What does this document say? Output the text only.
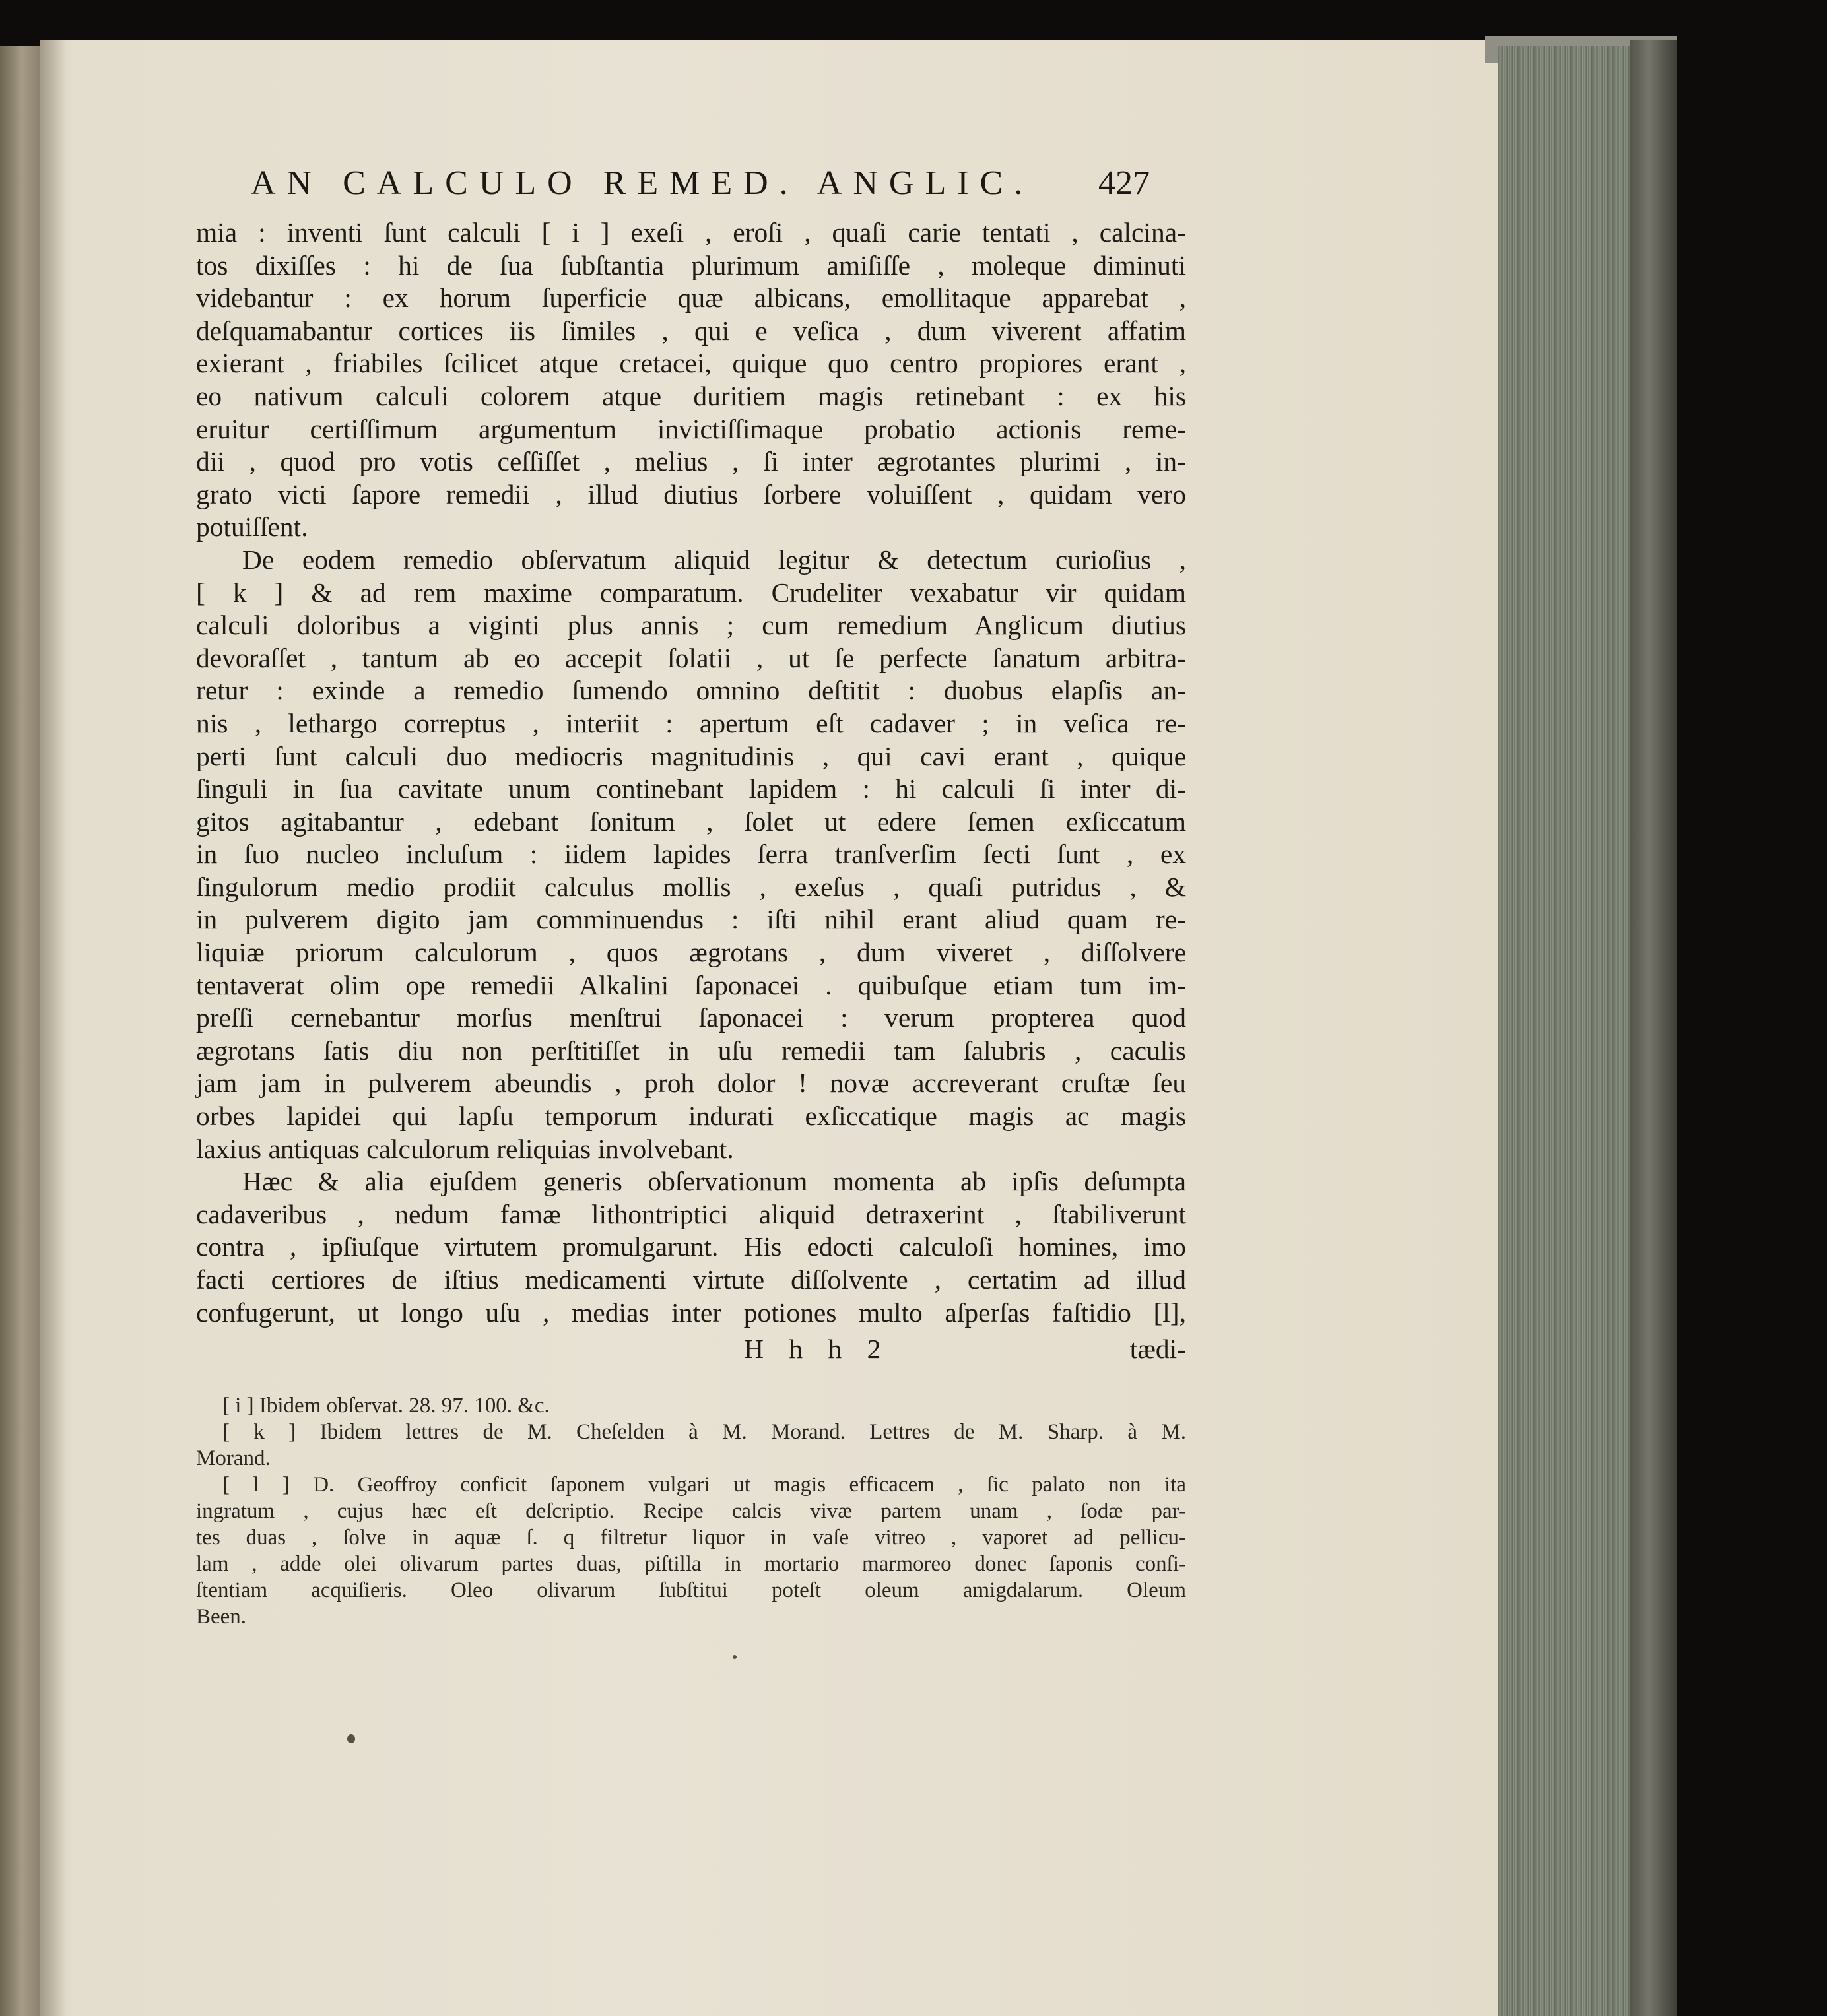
AN CALCULO REMED. ANGLIC.	427
mia : inventi ſunt calculi [ i ] exeſi , eroſi , quaſi carie tentati , calcina-
tos dixiſſes : hi de ſua ſubſtantia plurimum amiſiſſe , moleque diminuti
videbantur : ex horum ſuperficie quæ albicans, emollitaque apparebat ,
deſquamabantur cortices iis ſimiles , qui e veſica , dum viverent affatim
exierant , friabiles ſcilicet atque cretacei, quique quo centro propiores erant ,
eo nativum calculi colorem atque duritiem magis retinebant : ex his
eruitur certiſſimum argumentum invictiſſimaque probatio actionis reme-
dii , quod pro votis ceſſiſſet , melius , ſi inter ægrotantes plurimi , in-
grato victi ſapore remedii , illud diutius ſorbere voluiſſent , quidam vero
potuiſſent.
De eodem remedio obſervatum aliquid legitur & detectum curioſius ,
[ k ] & ad rem maxime comparatum. Crudeliter vexabatur vir quidam
calculi doloribus a viginti plus annis ; cum remedium Anglicum diutius
devoraſſet , tantum ab eo accepit ſolatii , ut ſe perfecte ſanatum arbitra-
retur : exinde a remedio ſumendo omnino deſtitit : duobus elapſis an-
nis , lethargo correptus , interiit : apertum eſt cadaver ; in veſica re-
perti ſunt calculi duo mediocris magnitudinis , qui cavi erant , quique
ſinguli in ſua cavitate unum continebant lapidem : hi calculi ſi inter di-
gitos agitabantur , edebant ſonitum , ſolet ut edere ſemen exſiccatum
in ſuo nucleo incluſum : iidem lapides ſerra tranſverſim ſecti ſunt , ex
ſingulorum medio prodiit calculus mollis , exeſus , quaſi putridus , &
in pulverem digito jam comminuendus : iſti nihil erant aliud quam re-
liquiæ priorum calculorum , quos ægrotans , dum viveret , diſſolvere
tentaverat olim ope remedii Alkalini ſaponacei . quibuſque etiam tum im-
preſſi cernebantur morſus menſtrui ſaponacei : verum propterea quod
ægrotans ſatis diu non perſtitiſſet in uſu remedii tam ſalubris , caculis
jam jam in pulverem abeundis , proh dolor ! novæ accreverant cruſtæ ſeu
orbes lapidei qui lapſu temporum indurati exſiccatique magis ac magis
laxius antiquas calculorum reliquias involvebant.
Hæc & alia ejuſdem generis obſervationum momenta ab ipſis deſumpta
cadaveribus , nedum famæ lithontriptici aliquid detraxerint , ſtabiliverunt
contra , ipſiuſque virtutem promulgarunt. His edocti calculoſi homines, imo
facti certiores de iſtius medicamenti virtute diſſolvente , certatim ad illud
confugerunt, ut longo uſu , medias inter potiones multo aſperſas faſtidio [l],
H h h 2	tædi-
[ i ] Ibidem obſervat. 28. 97. 100. &c.
[ k ] Ibidem lettres de M. Cheſelden à M. Morand. Lettres de M. Sharp. à M.
Morand.
[ l ] D. Geoffroy conficit ſaponem vulgari ut magis efficacem , ſic palato non ita
ingratum , cujus hæc eſt deſcriptio. Recipe calcis vivæ partem unam , ſodæ par-
tes duas , ſolve in aquæ ſ. q filtretur liquor in vaſe vitreo , vaporet ad pellicu-
lam , adde olei olivarum partes duas, piſtilla in mortario marmoreo donec ſaponis conſi-
ſtentiam acquiſieris. Oleo olivarum ſubſtitui poteſt oleum amigdalarum. Oleum
Been.
